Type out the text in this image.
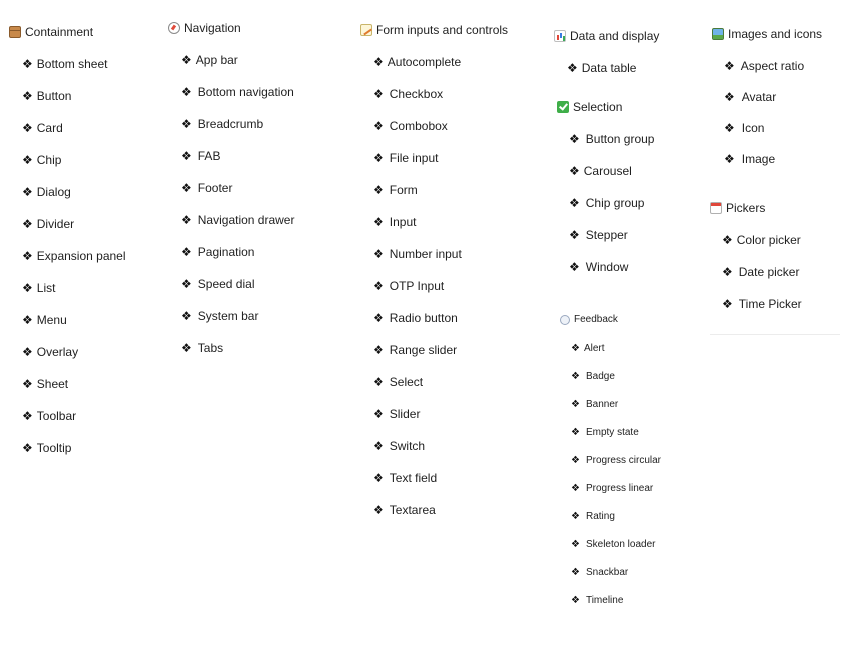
Containment
❖ Bottom sheet
❖ Button
❖ Card
❖ Chip
❖ Dialog
❖ Divider
❖ Expansion panel
❖ List
❖ Menu
❖ Overlay
❖ Sheet
❖ Toolbar
❖ Tooltip
Navigation
❖ App bar
❖ Bottom navigation
❖ Breadcrumb
❖ FAB
❖ Footer
❖ Navigation drawer
❖ Pagination
❖ Speed dial
❖ System bar
❖ Tabs
Form inputs and controls
❖ Autocomplete
❖ Checkbox
❖ Combobox
❖ File input
❖ Form
❖ Input
❖ Number input
❖ OTP Input
❖ Radio button
❖ Range slider
❖ Select
❖ Slider
❖ Switch
❖ Text field
❖ Textarea
Data and display
❖ Data table
Selection
❖ Button group
❖ Carousel
❖ Chip group
❖ Stepper
❖ Window
Feedback
❖ Alert
❖ Badge
❖ Banner
❖ Empty state
❖ Progress circular
❖ Progress linear
❖ Rating
❖ Skeleton loader
❖ Snackbar
❖ Timeline
Images and icons
❖ Aspect ratio
❖ Avatar
❖ Icon
❖ Image
Pickers
❖ Color picker
❖ Date picker
❖ Time Picker
